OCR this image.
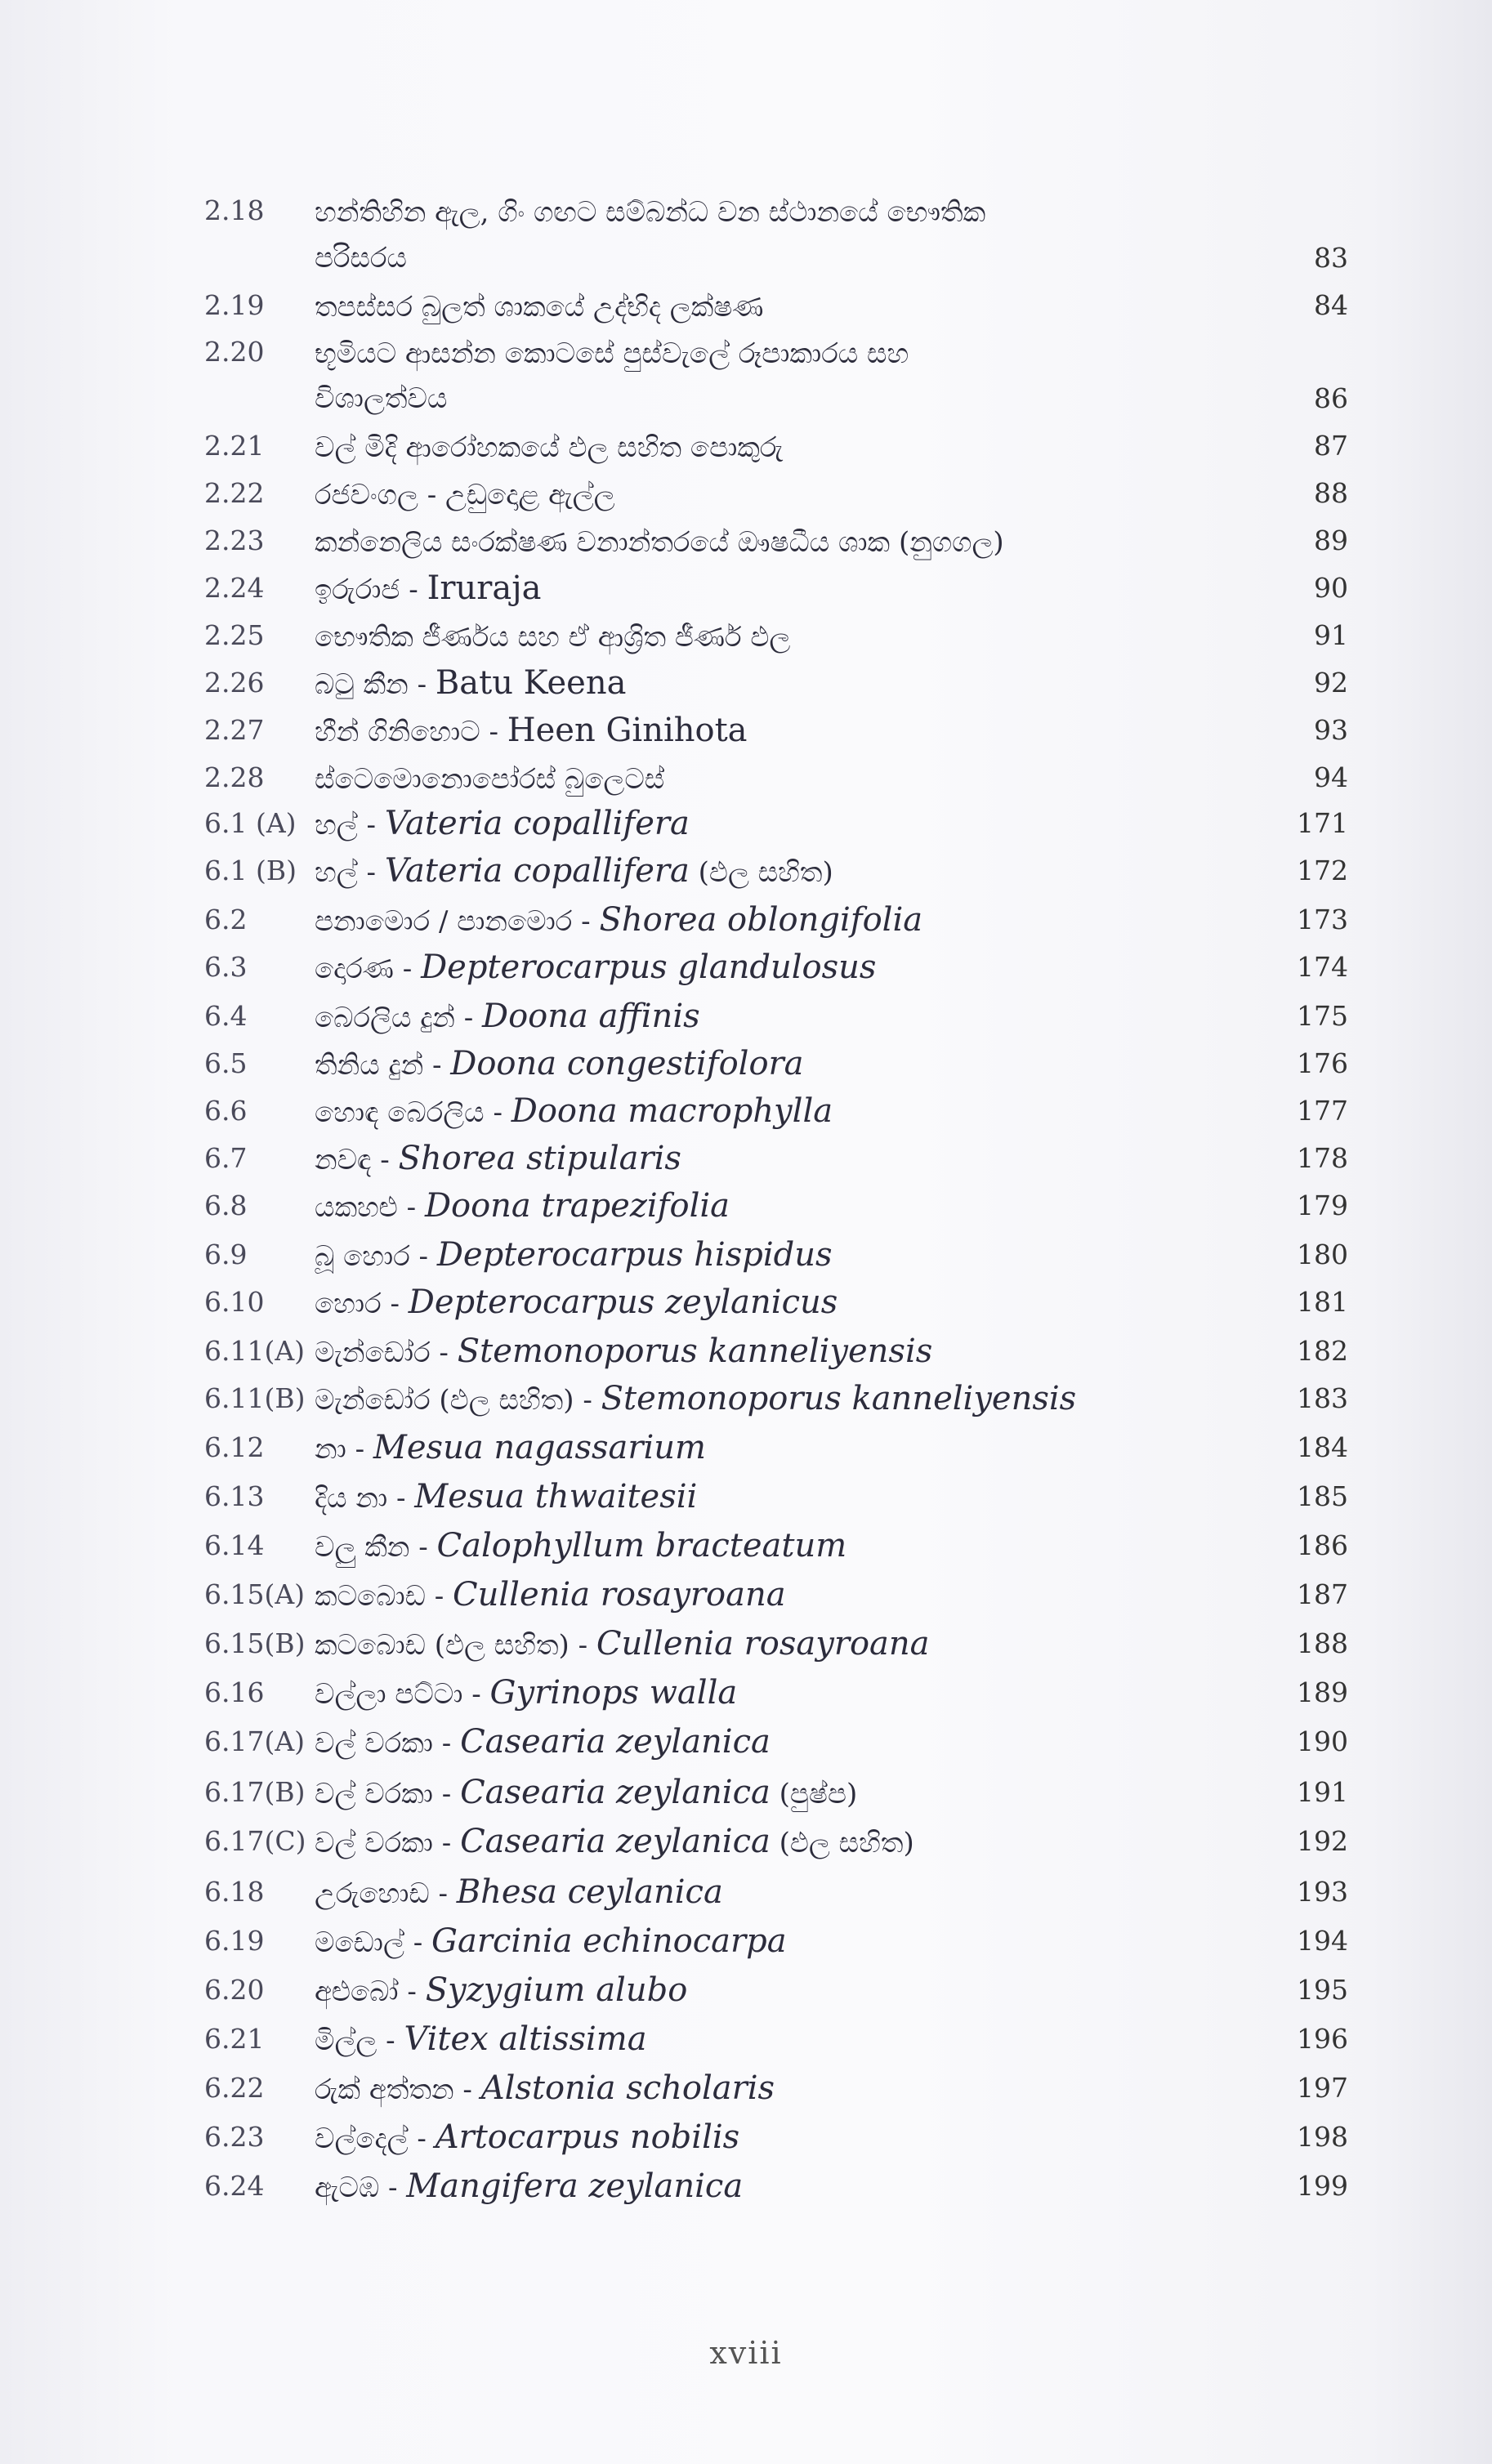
2.18 හන්තිහින ඇල, ගිං ගඟට සම්බන්ධ වන ස්ථානයේ භෞතික
පරිසරය	83
2.19 තපස්සර බුලත් ශාකයේ උද්භිද ලක්ෂණ	84
2.20 භූමියට ආසන්න කොටසේ පුස්වැලේ රූපාකාරය සහ
විශාලත්වය	86
2.21 වල් මිදි ආරෝහකයේ ඵල සහිත පොකුරු	87
2.22 රජවංගල - උඩුදොළ ඇල්ල	88
2.23 කන්නෙලිය සංරක්ෂණ වනාන්තරයේ ඖෂධීය ශාක (නුගගල)	89
2.24 ඉරුරාජ - Iruraja	90
2.25 භෞතික ජීර්ණය සහ ඒ ආශ්‍රිත ජීර්ණ ඵල	91
2.26 බටු කීන - Batu Keena	92
2.27 හීන් ගිනිහොට - Heen Ginihota	93
2.28 ස්ටෙමොනොපෝරස් බුලෙටස්	94
6.1 (A) හල් - Vateria copallifera	171
6.1 (B) හල් - Vateria copallifera (ඵල සහිත)	172
6.2 පනාමොර / පානමොර - Shorea oblongifolia	173
6.3 දොරණ - Depterocarpus glandulosus	174
6.4 බෙරලිය දුන් - Doona affinis	175
6.5 තිනිය දුන් - Doona congestifolora	176
6.6 හොඳ බෙරලිය - Doona macrophylla	177
6.7 නවඳ - Shorea stipularis	178
6.8 යකහළු - Doona trapezifolia	179
6.9 බූ හොර - Depterocarpus hispidus	180
6.10 හොර - Depterocarpus zeylanicus	181
6.11(A) මැන්ඩෝර - Stemonoporus kanneliyensis	182
6.11(B) මැන්ඩෝර (ඵල සහිත) - Stemonoporus kanneliyensis	183
6.12 නා - Mesua nagassarium	184
6.13 දිය නා - Mesua thwaitesii	185
6.14 වලු කීන - Calophyllum bracteatum	186
6.15(A) කටබොඩ - Cullenia rosayroana	187
6.15(B) කටබොඩ (ඵල සහිත) - Cullenia rosayroana	188
6.16 වල්ලා පට්ටා - Gyrinops walla	189
6.17(A) වල් වරකා - Casearia zeylanica	190
6.17(B) වල් වරකා - Casearia zeylanica (පුෂ්ප)	191
6.17(C) වල් වරකා - Casearia zeylanica (ඵල සහිත)	192
6.18 උරුහොඩ - Bhesa ceylanica	193
6.19 මඩොල් - Garcinia echinocarpa	194
6.20 අළුබෝ - Syzygium alubo	195
6.21 මිල්ල - Vitex altissima	196
6.22 රුක් අත්තන - Alstonia scholaris	197
6.23 වල්දෙල් - Artocarpus nobilis	198
6.24 ඇටඹ - Mangifera zeylanica	199
xviii
